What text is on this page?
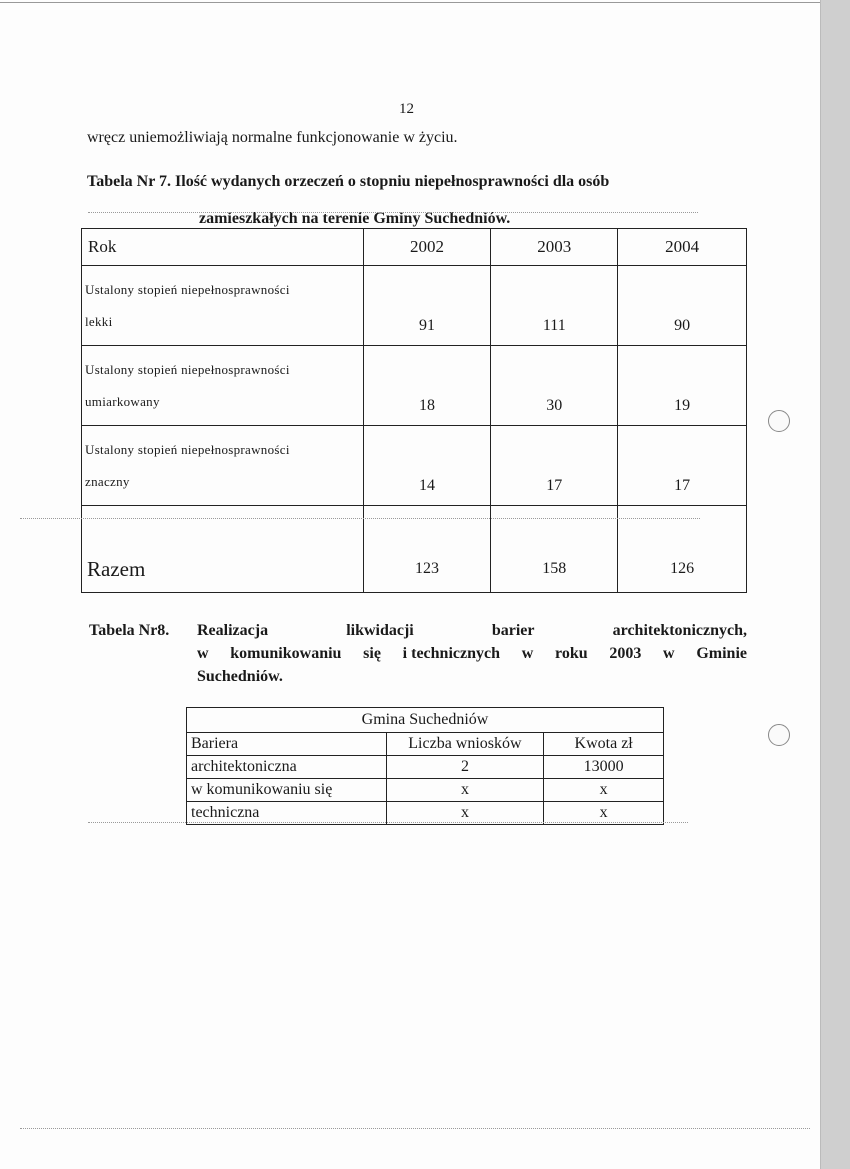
12
wręcz uniemożliwiają normalne funkcjonowanie w życiu.
Tabela Nr 7. Ilość wydanych orzeczeń o stopniu niepełnosprawności dla osób
zamieszkałych na terenie Gminy Suchedniów.
Rok	2002	2003	2004

Ustalony stopień niepełnosprawności
lekki	91	111	90

Ustalony stopień niepełnosprawności
umiarkowany	18	30	19

Ustalony stopień niepełnosprawności
znaczny	14	17	17
Razem	123	158	126
Tabela Nr8. Realizacja	likwidacji	barier	architektonicznych,
w komunikowaniu się i technicznych w roku 2003 w Gminie
Suchedniów.
Gmina Suchedniów		
Bariera	Liczba wniosków	Kwota zł
architektoniczna	2	13000
w komunikowaniu się	x	x
techniczna	x	x
